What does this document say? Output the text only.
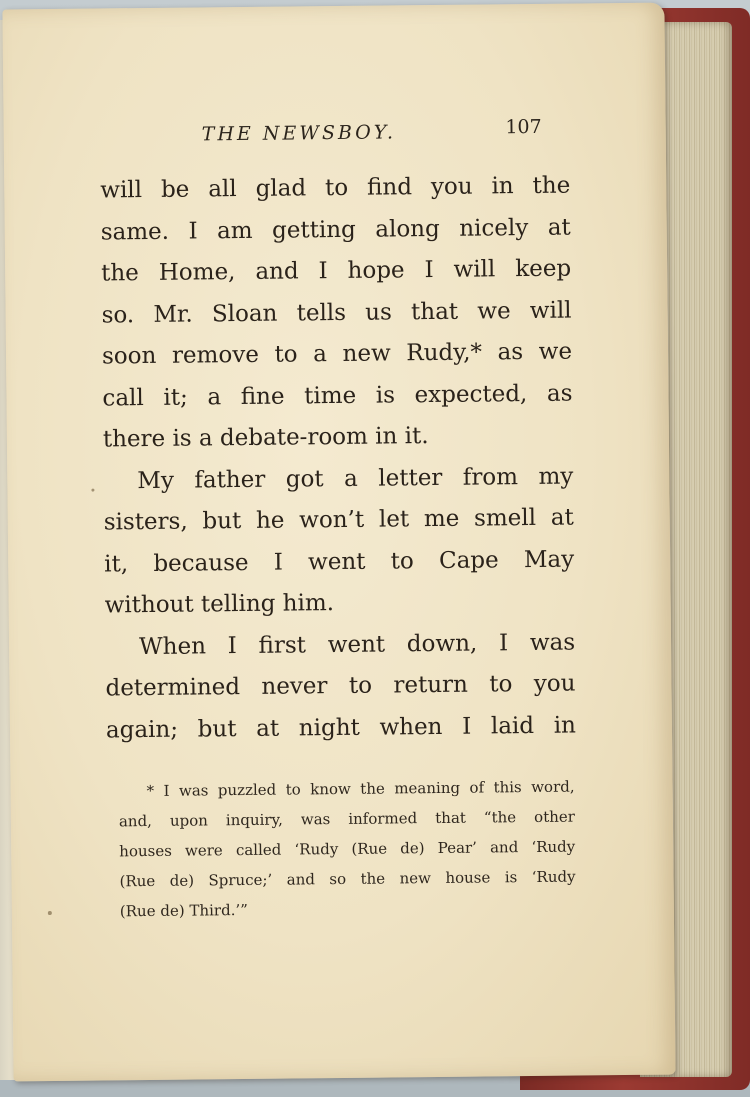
THE NEWSBOY.	107
will be all glad to find you in the
same. I am getting along nicely at
the Home, and I hope I will keep
so. Mr. Sloan tells us that we will
soon remove to a new Rudy,* as we
call it; a fine time is expected, as
there is a debate-room in it.
My father got a letter from my
sisters, but he won’t let me smell at
it, because I went to Cape May
without telling him.
When I first went down, I was
determined never to return to you
again; but at night when I laid in
* I was puzzled to know the meaning of this word,
and, upon inquiry, was informed that “the other
houses were called ‘Rudy (Rue de) Pear’ and ‘Rudy
(Rue de) Spruce;’ and so the new house is ‘Rudy
(Rue de) Third.’”
